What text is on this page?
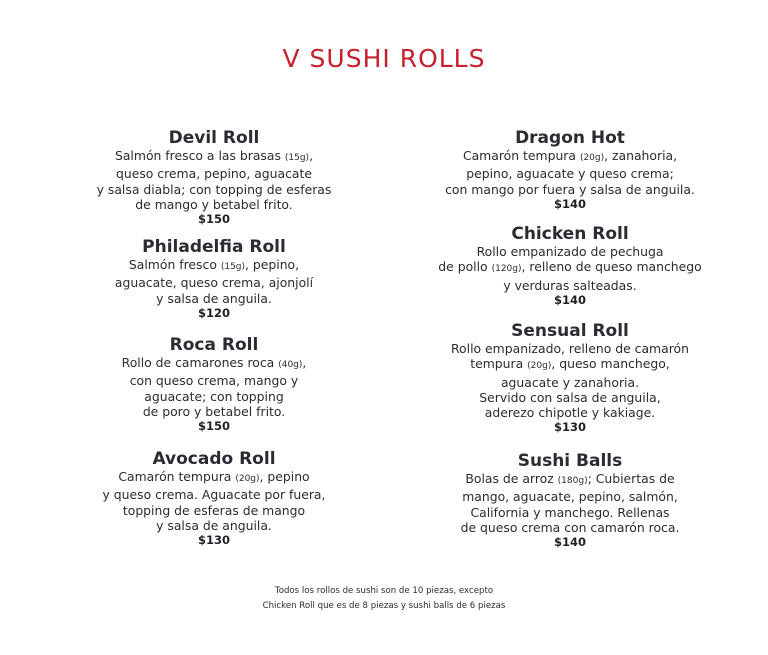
V SUSHI ROLLS
Devil Roll
Salmón fresco a las brasas (15g),
queso crema, pepino, aguacate
y salsa diabla; con topping de esferas
de mango y betabel frito.
$150
Philadelfia Roll
Salmón fresco (15g), pepino,
aguacate, queso crema, ajonjolí
y salsa de anguila.
$120
Roca Roll
Rollo de camarones roca (40g),
con queso crema, mango y
aguacate; con topping
de poro y betabel frito.
$150
Avocado Roll
Camarón tempura (20g), pepino
y queso crema. Aguacate por fuera,
topping de esferas de mango
y salsa de anguila.
$130
Dragon Hot
Camarón tempura (20g), zanahoria,
pepino, aguacate y queso crema;
con mango por fuera y salsa de anguila.
$140
Chicken Roll
Rollo empanizado de pechuga
de pollo (120g), relleno de queso manchego
y verduras salteadas.
$140
Sensual Roll
Rollo empanizado, relleno de camarón
tempura (20g), queso manchego,
aguacate y zanahoria.
Servido con salsa de anguila,
aderezo chipotle y kakiage.
$130
Sushi Balls
Bolas de arroz (180g); Cubiertas de
mango, aguacate, pepino, salmón,
California y manchego. Rellenas
de queso crema con camarón roca.
$140
Todos los rollos de sushi son de 10 piezas, excepto
Chicken Roll que es de 8 piezas y sushi balls de 6 piezas
